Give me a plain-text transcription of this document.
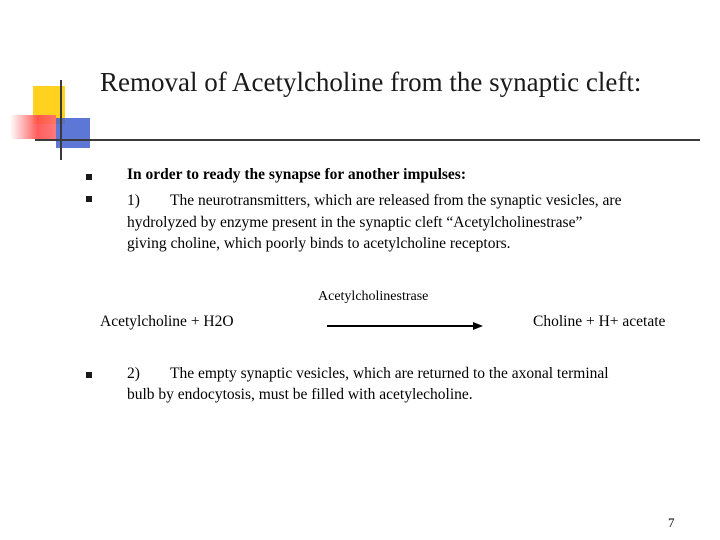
Removal of Acetylcholine from the synaptic cleft:
In order to ready the synapse for another impulses:
1) The neurotransmitters, which are released from the synaptic vesicles, are
hydrolyzed by enzyme present in the synaptic cleft “Acetylcholinestrase”
giving choline, which poorly binds to acetylcholine receptors.
Acetylcholinestrase
Acetylcholine + H2O	Choline + H+ acetate
2) The empty synaptic vesicles, which are returned to the axonal terminal
bulb by endocytosis, must be filled with acetylecholine.
7
